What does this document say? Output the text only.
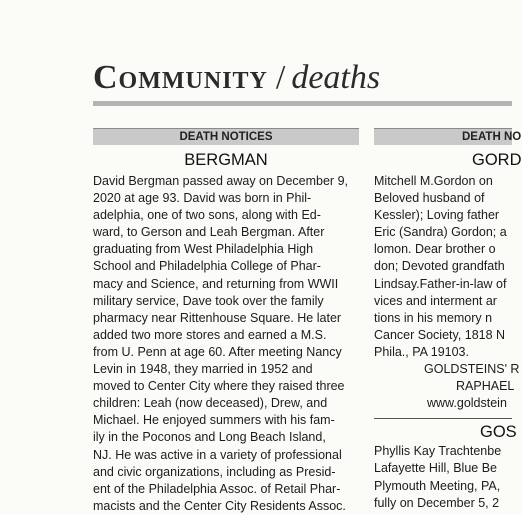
Community / deaths
DEATH NOTICES
BERGMAN
David Bergman passed away on December 9,
2020 at age 93. David was born in Phil-
adelphia, one of two sons, along with Ed-
ward, to Gerson and Leah Bergman. After
graduating from West Philadelphia High
School and Philadelphia College of Phar-
macy and Science, and returning from WWII
military service, Dave took over the family
pharmacy near Rittenhouse Square. He later
added two more stores and earned a M.S.
from U. Penn at age 60. After meeting Nancy
Levin in 1948, they married in 1952 and
moved to Center City where they raised three
children: Leah (now deceased), Drew, and
Michael. He enjoyed summers with his fam-
ily in the Poconos and Long Beach Island,
NJ. He was active in a variety of professional
and civic organizations, including as Presid-
ent of the Philadelphia Assoc. of Retail Phar-
macists and the Center City Residents Assoc.
DEATH NO
GORD
Mitchell M.Gordon on
Beloved husband of
Kessler); Loving father
Eric (Sandra) Gordon; a
lomon. Dear brother o
don; Devoted grandfath
Lindsay.Father-in-law of
vices and interment ar
tions in his memory n
Cancer Society, 1818 N
Phila., PA 19103.
GOLDSTEINS' R
RAPHAEL
www.goldstein
GOS
Phyllis Kay Trachtenbe
Lafayette Hill, Blue Be
Plymouth Meeting, PA,
fully on December 5, 2
